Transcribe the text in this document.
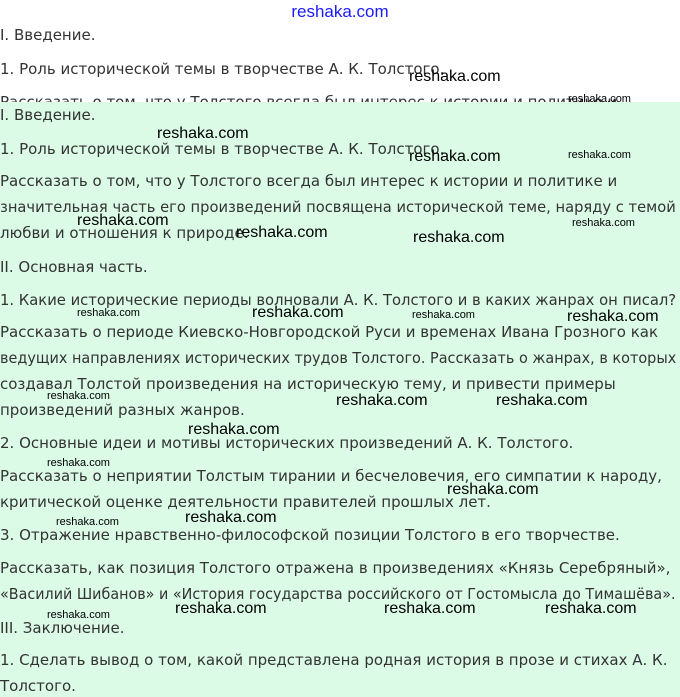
reshaka.com
I. Введение.
1. Роль исторической темы в творчестве А. К. Толстого.
I. Введение.
1. Роль исторической темы в творчестве А. К. Толстого.
Рассказать о том, что у Толстого всегда был интерес к истории и политике и
значительная часть его произведений посвящена исторической теме, наряду с темой
любви и отношения к природе.
II. Основная часть.
1. Какие исторические периоды волновали А. К. Толстого и в каких жанрах он писал?
Рассказать о периоде Киевско-Новгородской Руси и временах Ивана Грозного как
ведущих направлениях исторических трудов Толстого. Рассказать о жанрах, в которых
создавал Толстой произведения на историческую тему, и привести примеры
произведений разных жанров.
2. Основные идеи и мотивы исторических произведений А. К. Толстого.
Рассказать о неприятии Толстым тирании и бесчеловечия, его симпатии к народу,
критической оценке деятельности правителей прошлых лет.
3. Отражение нравственно-философской позиции Толстого в его творчестве.
Рассказать, как позиция Толстого отражена в произведениях «Князь Серебряный»,
«Василий Шибанов» и «История государства российского от Гостомысла до Тимашёва».
III. Заключение.
1. Сделать вывод о том, какой представлена родная история в прозе и стихах А. К.
Толстого.
reshaka.com
reshaka.com
reshaka.com
reshaka.com	reshaka.com
reshaka.com	reshaka.com
reshaka.com	reshaka.com
reshaka.com	reshaka.com	reshaka.com	reshaka.com
reshaka.com	reshaka.com	reshaka.com
reshaka.com
reshaka.com
reshaka.com
reshaka.com
reshaka.com
reshaka.com	reshaka.com	reshaka.com
reshaka.com
